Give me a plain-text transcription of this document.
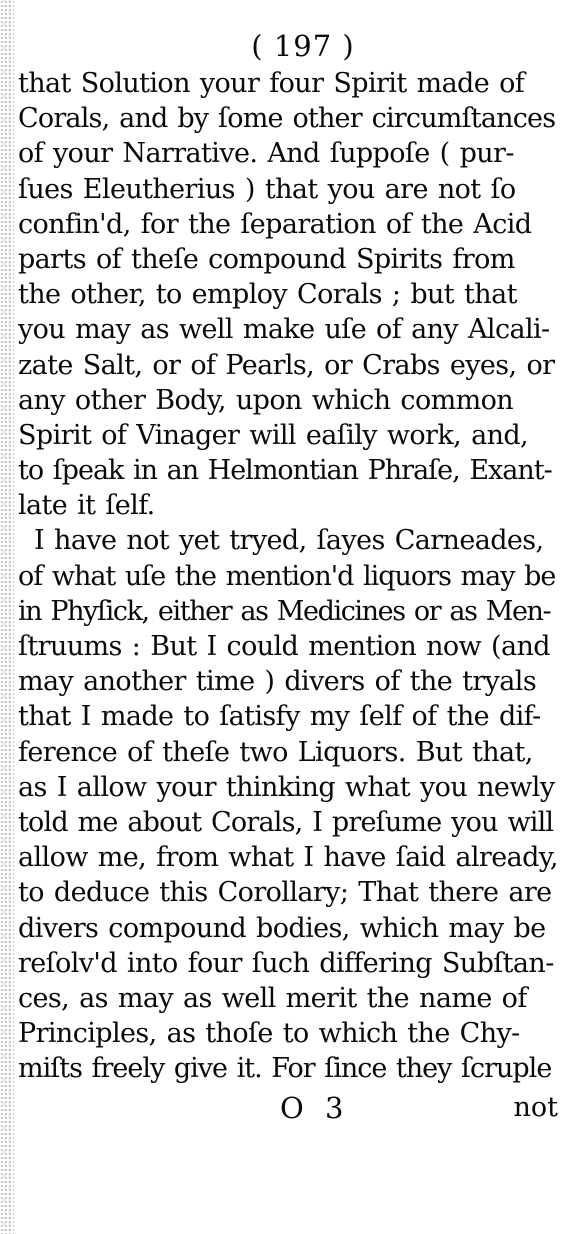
( 197 )
that Solution your four Spirit made of
Corals, and by ſome other circumſtances
of your Narrative. And ſuppoſe ( pur-
ſues Eleutherius ) that you are not ſo
confin'd, for the ſeparation of the Acid
parts of theſe compound Spirits from
the other, to employ Corals ; but that
you may as well make uſe of any Alcali-
zate Salt, or of Pearls, or Crabs eyes, or
any other Body, upon which common
Spirit of Vinager will eaſily work, and,
to ſpeak in an Helmontian Phraſe, Exant-
late it ſelf.
I have not yet tryed, ſayes Carneades,
of what uſe the mention'd liquors may be
in Phyſick, either as Medicines or as Men-
ſtruums : But I could mention now (and
may another time ) divers of the tryals
that I made to ſatisfy my ſelf of the dif-
ference of theſe two Liquors. But that,
as I allow your thinking what you newly
told me about Corals, I preſume you will
allow me, from what I have ſaid already,
to deduce this Corollary; That there are
divers compound bodies, which may be
reſolv'd into four ſuch differing Subſtan-
ces, as may as well merit the name of
Principles, as thoſe to which the Chy-
miſts freely give it. For ſince they ſcruple
O 3	not
